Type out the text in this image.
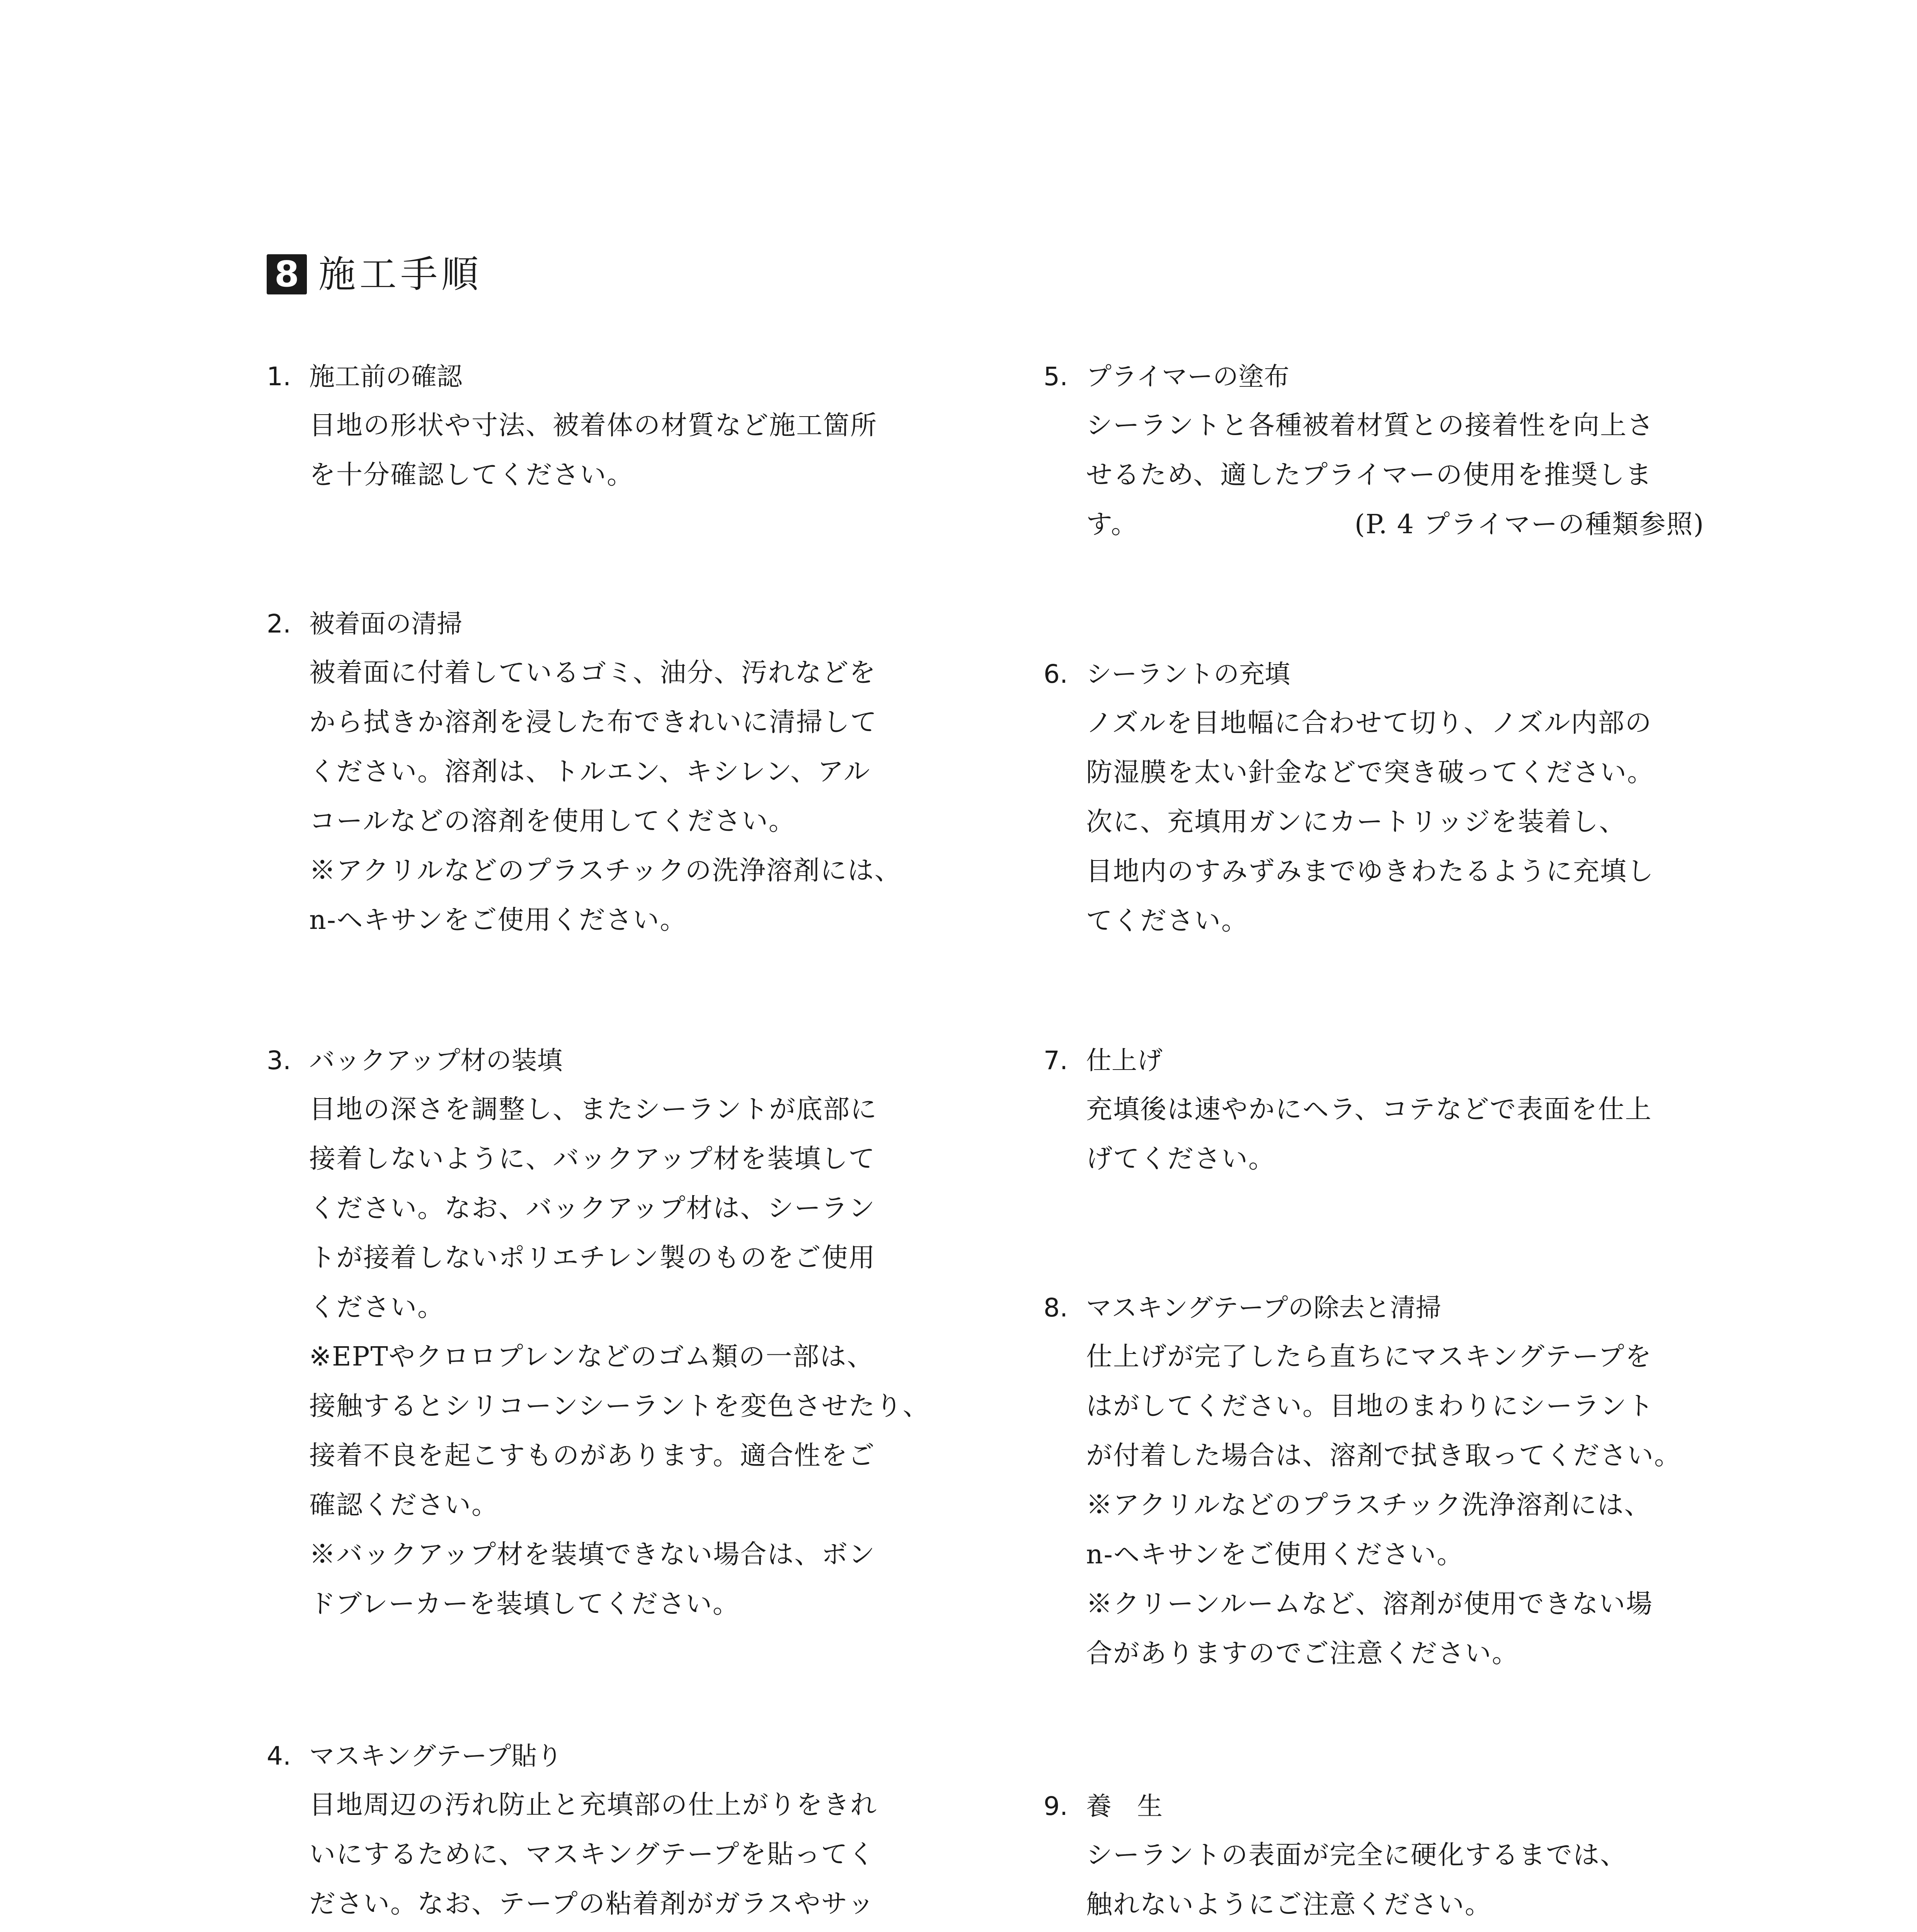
8 施工手順
1. 施工前の確認
目地の形状や寸法、被着体の材質など施工箇所
を十分確認してください。
2. 被着面の清掃
被着面に付着しているゴミ、油分、汚れなどを
から拭きか溶剤を浸した布できれいに清掃して
ください。溶剤は、トルエン、キシレン、アル
コールなどの溶剤を使用してください。
※アクリルなどのプラスチックの洗浄溶剤には、
n-ヘキサンをご使用ください。
3. バックアップ材の装填
目地の深さを調整し、またシーラントが底部に
接着しないように、バックアップ材を装填して
ください。なお、バックアップ材は、シーラン
トが接着しないポリエチレン製のものをご使用
ください。
※EPTやクロロプレンなどのゴム類の一部は、
接触するとシリコーンシーラントを変色させたり、
接着不良を起こすものがあります。適合性をご
確認ください。
※バックアップ材を装填できない場合は、ボン
ドブレーカーを装填してください。
4. マスキングテープ貼り
目地周辺の汚れ防止と充填部の仕上がりをきれ
いにするために、マスキングテープを貼ってく
ださい。なお、テープの粘着剤がガラスやサッ
5. プライマーの塗布
シーラントと各種被着材質との接着性を向上さ
せるため、適したプライマーの使用を推奨しま
す。	(P. 4 プライマーの種類参照)
6. シーラントの充填
ノズルを目地幅に合わせて切り、ノズル内部の
防湿膜を太い針金などで突き破ってください。
次に、充填用ガンにカートリッジを装着し、
目地内のすみずみまでゆきわたるように充填し
てください。
7. 仕上げ
充填後は速やかにヘラ、コテなどで表面を仕上
げてください。
8. マスキングテープの除去と清掃
仕上げが完了したら直ちにマスキングテープを
はがしてください。目地のまわりにシーラント
が付着した場合は、溶剤で拭き取ってください。
※アクリルなどのプラスチック洗浄溶剤には、
n-ヘキサンをご使用ください。
※クリーンルームなど、溶剤が使用できない場
合がありますのでご注意ください。
9. 養　生
シーラントの表面が完全に硬化するまでは、
触れないようにご注意ください。
